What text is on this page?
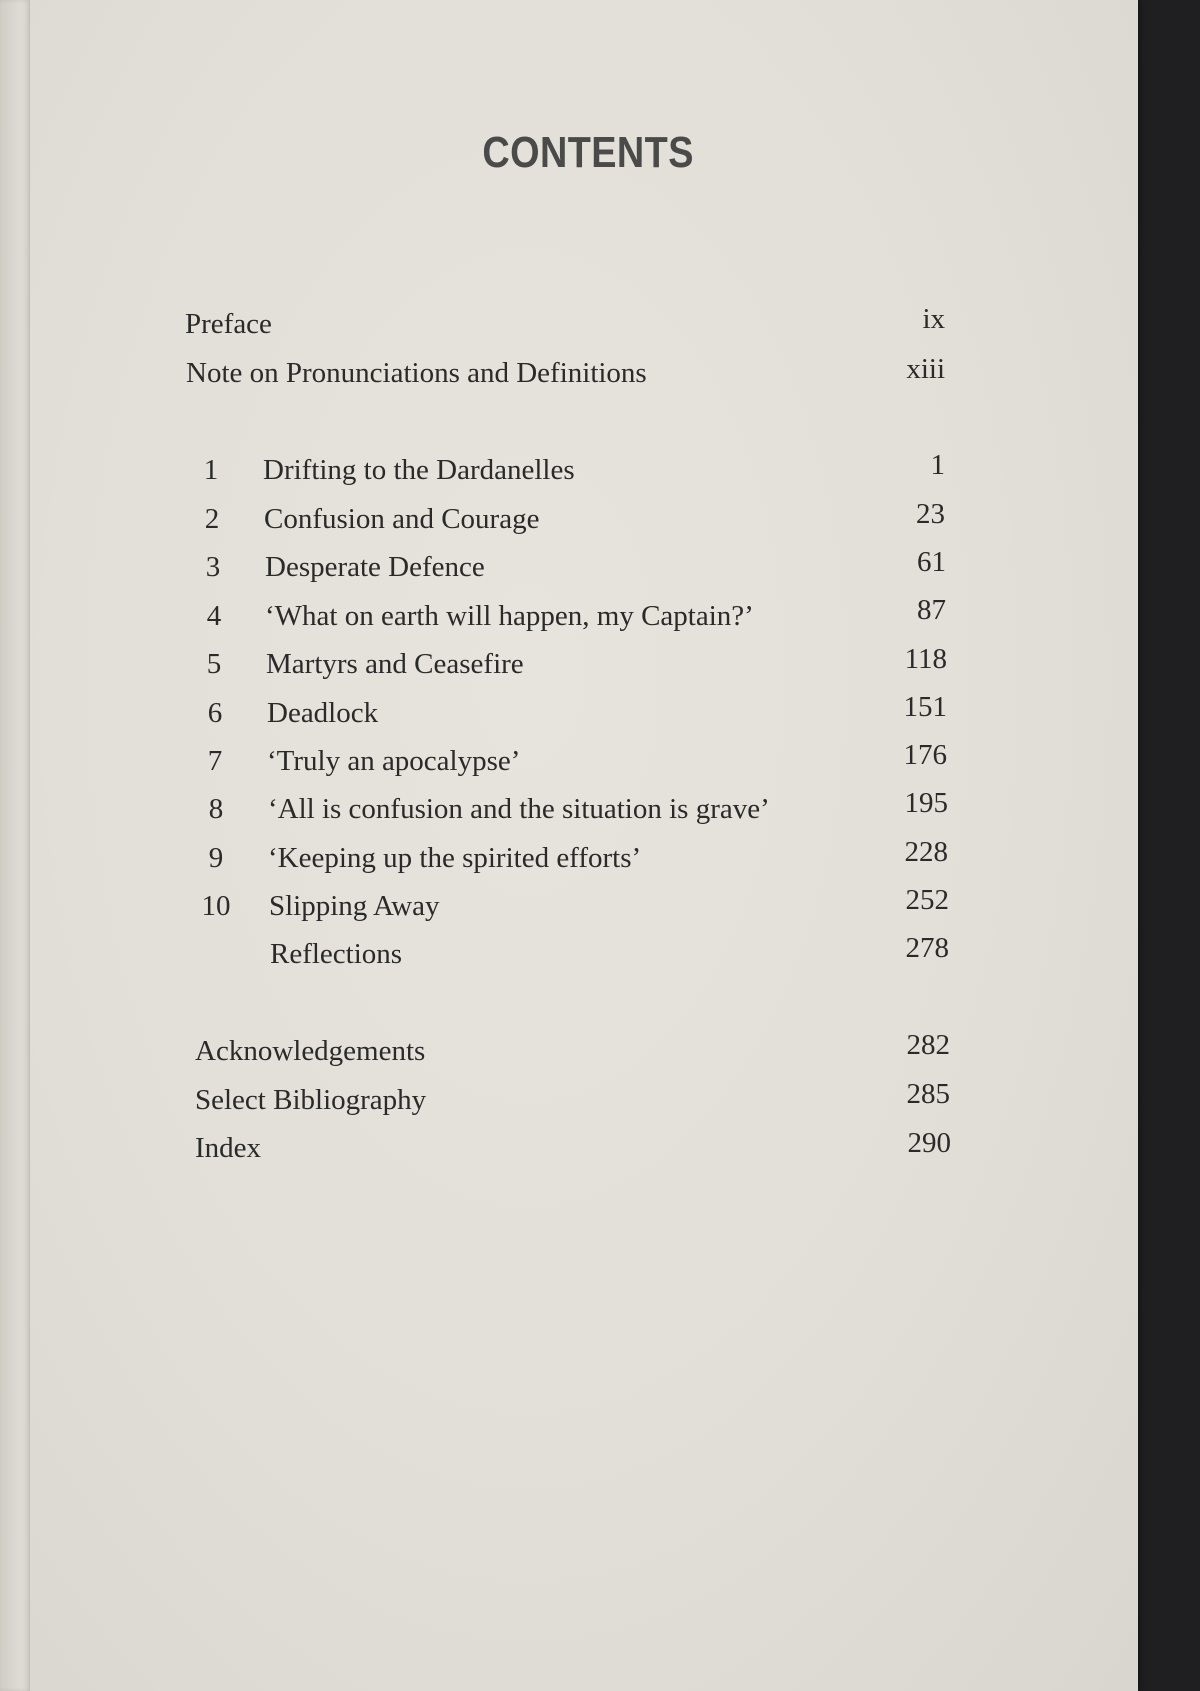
CONTENTS
Preface	ix
Note on Pronunciations and Definitions	xiii
1	Drifting to the Dardanelles	1
2	Confusion and Courage	23
3	Desperate Defence	61
4	‘What on earth will happen, my Captain?’	87
5	Martyrs and Ceasefire	118
6	Deadlock	151
7	‘Truly an apocalypse’	176
8	‘All is confusion and the situation is grave’	195
9	‘Keeping up the spirited efforts’	228
10 Slipping Away	252
Reflections	278
Acknowledgements	282
Select Bibliography	285
Index	290
